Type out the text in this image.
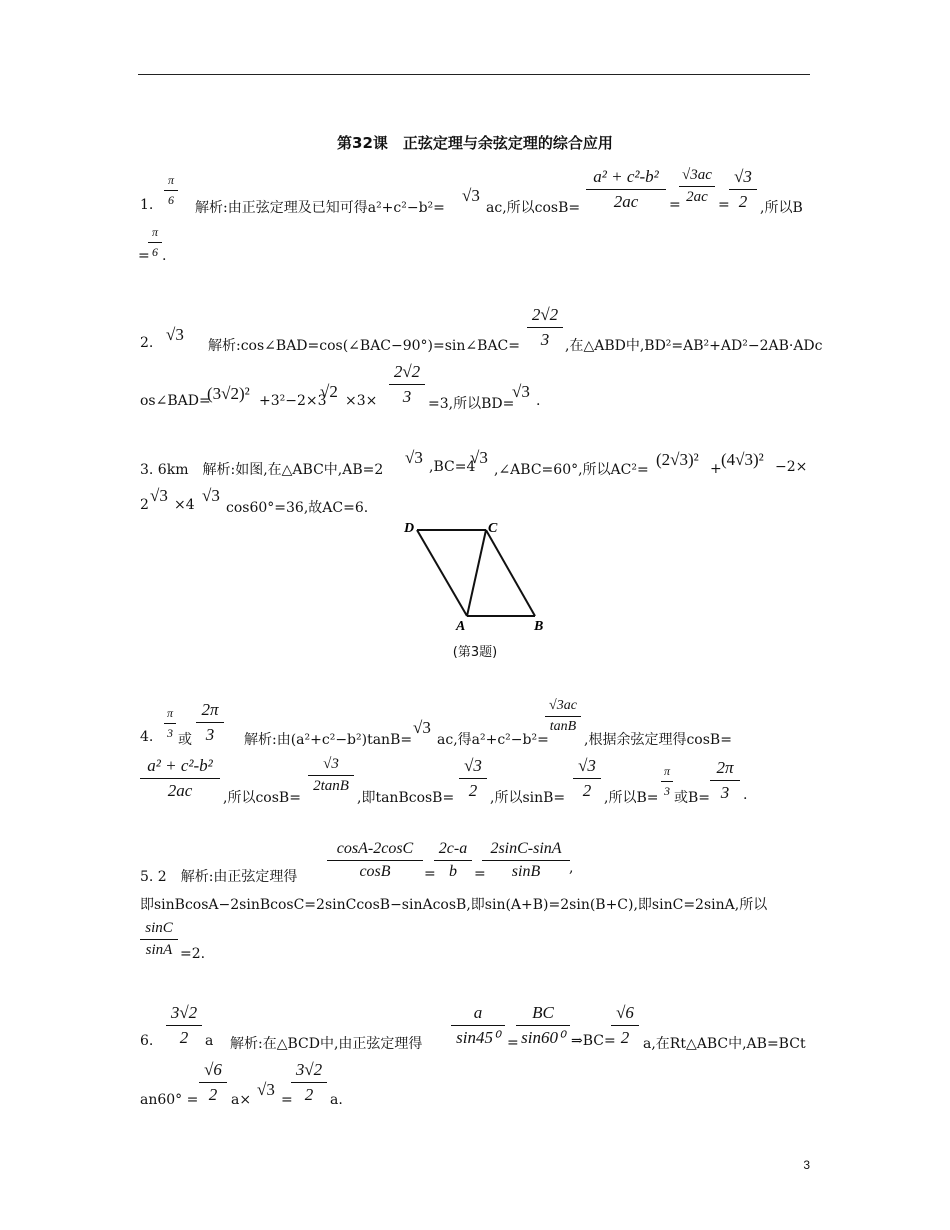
第32课　正弦定理与余弦定理的综合应用
1.
π
6 解析:由正弦定理及已知可得a²+c²−b²=
√3
ac,所以cosB=
a² + c²-b²
2ac	=
√3ac
2ac =
√3
2 ,所以B
=
π
6 .
2. √3
解析:cos∠BAD=cos(∠BAC−90°)=sin∠BAC=
2√2
3	,在△ABD中,BD²=AB²+AD²−2AB·ADc
os∠BAD=
(3√2)² +3²−2×3
√2 ×3×
2√2
3	=3,所以BD=
√3 .
3. 6km　解析:如图,在△ABC中,AB=2
√3 ,BC=4
√3
,∠ABC=60°,所以AC²=
(2√3)² + (4√3)² −2×
2 √3 ×4 √3
cos60°=36,故AC=6.
D	C
A	B
(第3题)
4.
π
3 或
2π
3	解析:由(a²+c²−b²)tanB=
√3
ac,得a²+c²−b²=
√3ac
tanB
,根据余弦定理得cosB=
a² + c²-b²
2ac	,所以cosB=
√3
2tanB
,即tanBcosB=
√3
2 ,所以sinB=
√3
2 ,所以B=
π
3 或B=
2π
3 .
5. 2　解析:由正弦定理得
cosA-2cosC
cosB	=
2c-a
b	=
2sinC-sinA
sinB	,
即sinBcosA−2sinBcosC=2sinCcosB−sinAcosB,即sin(A+B)=2sin(B+C),即sinC=2sinA,所以
sinC
sinA =2.
6.
3√2
2	a 解析:在△BCD中,由正弦定理得
a
sin45⁰ =
BC
sin60⁰ ⇒BC=
√6
2 a,在Rt△ABC中,AB=BCt
an60° =
√6
2 a×
√3
=
3√2
2	a.
3
